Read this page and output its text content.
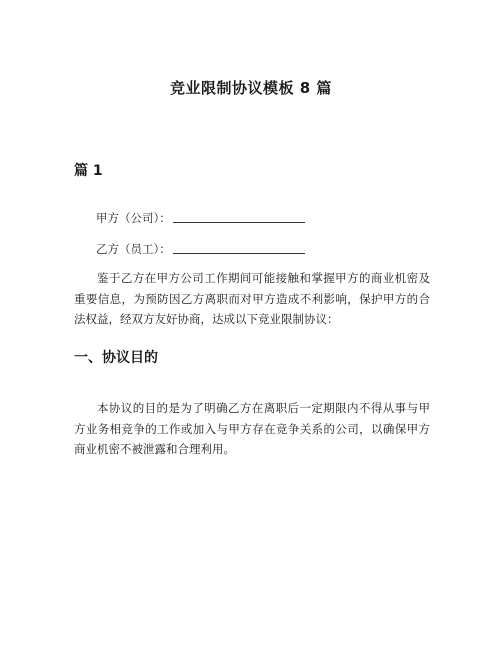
竞业限制协议模板 8 篇
篇 1
甲方（公司）：
乙方（员工）：
鉴于乙方在甲方公司工作期间可能接触和掌握甲方的商业机密及重要信息，为预防因乙方离职而对甲方造成不利影响，保护甲方的合法权益，经双方友好协商，达成以下竞业限制协议：
一、协议目的
本协议的目的是为了明确乙方在离职后一定期限内不得从事与甲方业务相竞争的工作或加入与甲方存在竞争关系的公司，以确保甲方商业机密不被泄露和合理利用。
